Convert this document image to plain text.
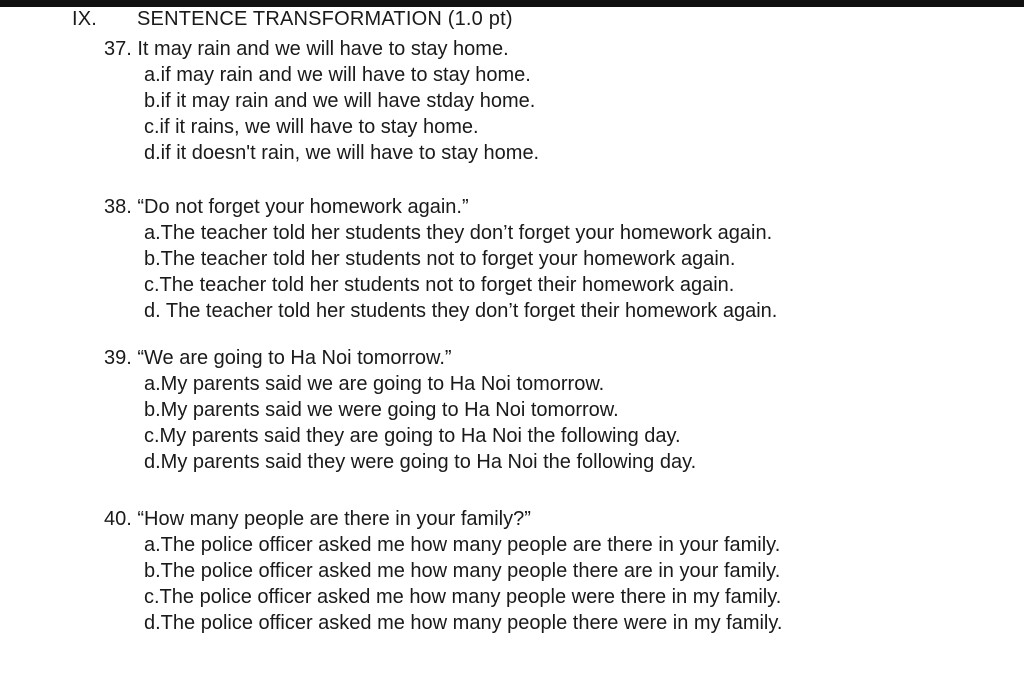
IX. SENTENCE TRANSFORMATION (1.0 pt)
37. It may rain and we will have to stay home.
a.if may rain and we will have to stay home.
b.if it may rain and we will have stday home.
c.if it rains, we will have to stay home.
d.if it doesn't rain, we will have to stay home.
38. “Do not forget your homework again.”
a.The teacher told her students they don’t forget your homework again.
b.The teacher told her students not to forget your homework again.
c.The teacher told her students not to forget their homework again.
d. The teacher told her students they don’t forget their homework again.
39. “We are going to Ha Noi tomorrow.”
a.My parents said we are going to Ha Noi tomorrow.
b.My parents said we were going to Ha Noi tomorrow.
c.My parents said they are going to Ha Noi the following day.
d.My parents said they were going to Ha Noi the following day.
40. “How many people are there in your family?”
a.The police officer asked me how many people are there in your family.
b.The police officer asked me how many people there are in your family.
c.The police officer asked me how many people were there in my family.
d.The police officer asked me how many people there were in my family.
